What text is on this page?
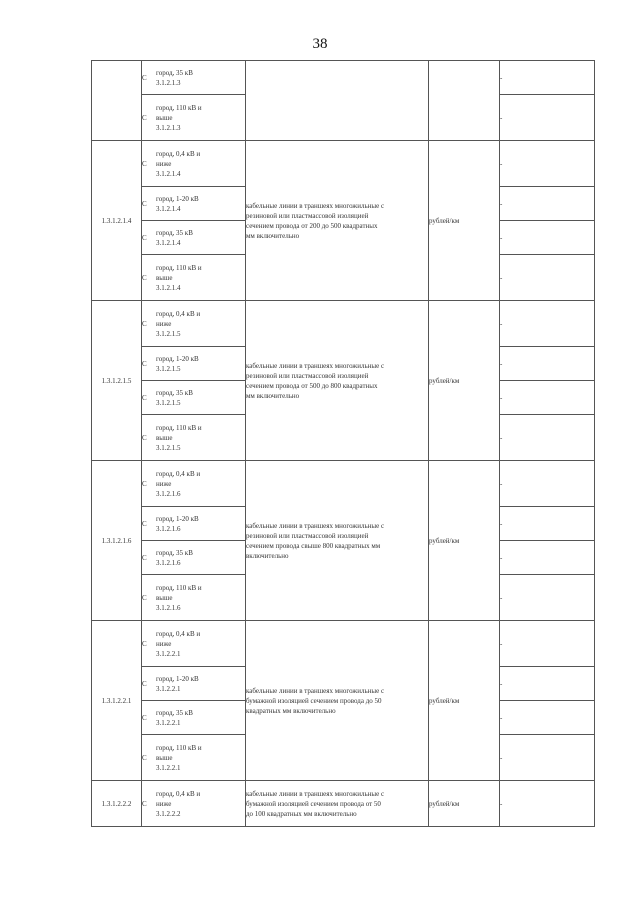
38
	Сгород, 35 кВ
3.1.2.1.3			-
	Сгород, 110 кВ и
выше
3.1.2.1.3			-
1.3.1.2.1.4	Сгород, 0,4 кВ и
ниже
3.1.2.1.4	кабельные линии в траншеях многожильные с
резиновой или пластмассовой изоляцией
сечением провода от 200 до 500 квадратных
мм включительно	рублей/км	-
	Сгород, 1-20 кВ
3.1.2.1.4			-
	Сгород, 35 кВ
3.1.2.1.4			-
	Сгород, 110 кВ и
выше
3.1.2.1.4			-
1.3.1.2.1.5	Сгород, 0,4 кВ и
ниже
3.1.2.1.5	кабельные линии в траншеях многожильные с
резиновой или пластмассовой изоляцией
сечением провода от 500 до 800 квадратных
мм включительно	рублей/км	-
	Сгород, 1-20 кВ
3.1.2.1.5			-
	Сгород, 35 кВ
3.1.2.1.5			-
	Сгород, 110 кВ и
выше
3.1.2.1.5			-
1.3.1.2.1.6	Сгород, 0,4 кВ и
ниже
3.1.2.1.6	кабельные линии в траншеях многожильные с
резиновой или пластмассовой изоляцией
сечением провода свыше 800 квадратных мм
включительно	рублей/км	-
	Сгород, 1-20 кВ
3.1.2.1.6			-
	Сгород, 35 кВ
3.1.2.1.6			-
	Сгород, 110 кВ и
выше
3.1.2.1.6			-
1.3.1.2.2.1	Сгород, 0,4 кВ и
ниже
3.1.2.2.1	кабельные линии в траншеях многожильные с
бумажной изоляцией сечением провода до 50
квадратных мм включительно	рублей/км	-
	Сгород, 1-20 кВ
3.1.2.2.1			-
	Сгород, 35 кВ
3.1.2.2.1			-
	Сгород, 110 кВ и
выше
3.1.2.2.1			-
1.3.1.2.2.2	Сгород, 0,4 кВ и
ниже
3.1.2.2.2	кабельные линии в траншеях многожильные с
бумажной изоляцией сечением провода от 50
до 100 квадратных мм включительно	рублей/км	-
